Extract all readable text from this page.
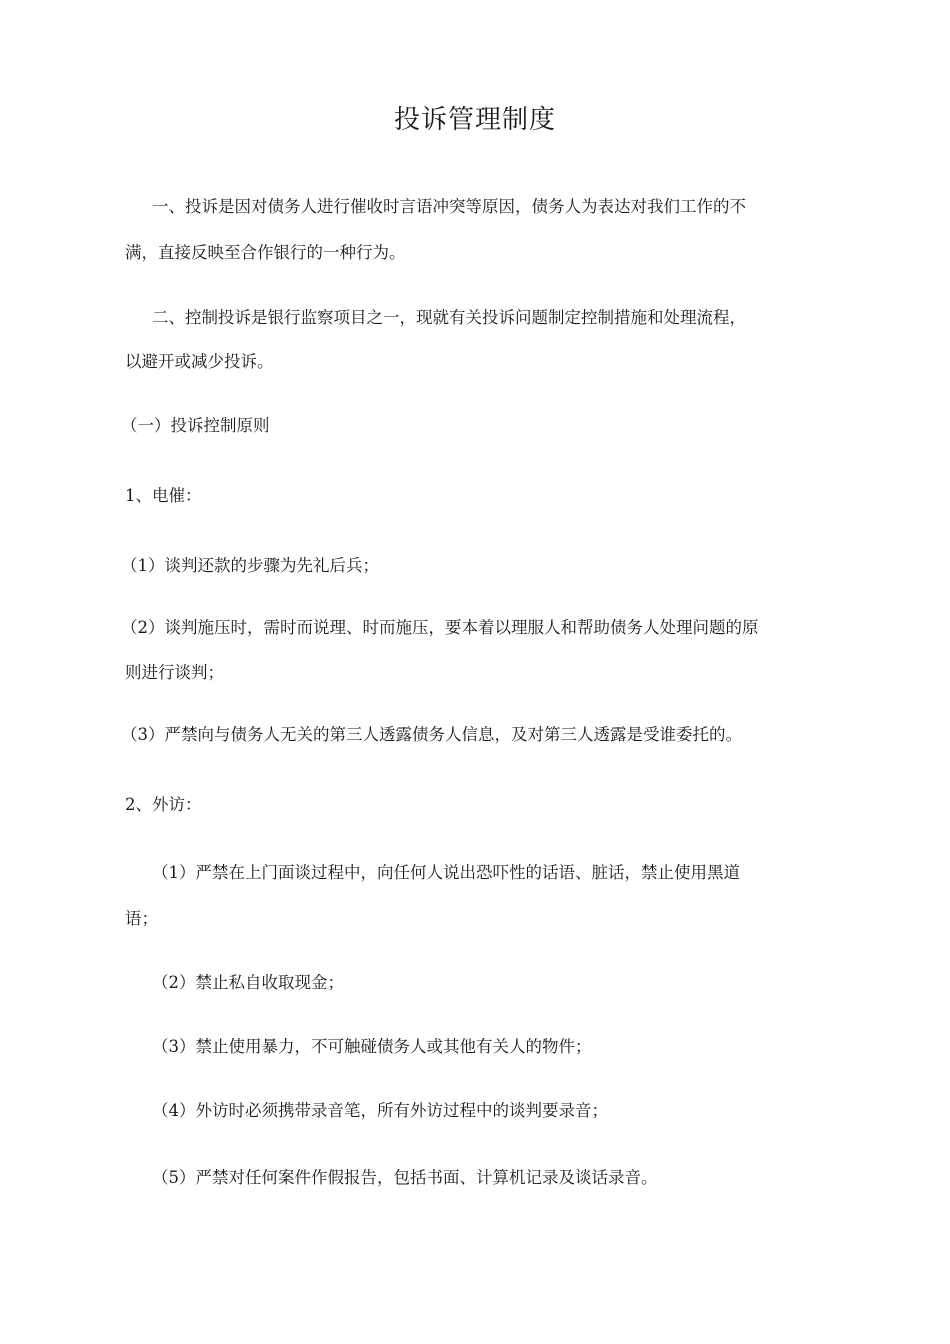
投诉管理制度
一、投诉是因对债务人进行催收时言语冲突等原因，债务人为表达对我们工作的不
满，直接反映至合作银行的一种行为。
二、控制投诉是银行监察项目之一，现就有关投诉问题制定控制措施和处理流程，
以避开或减少投诉。
（一）投诉控制原则
1、电催：
（1）谈判还款的步骤为先礼后兵；
（2）谈判施压时，需时而说理、时而施压，要本着以理服人和帮助债务人处理问题的原
则进行谈判；
（3）严禁向与债务人无关的第三人透露债务人信息，及对第三人透露是受谁委托的。
2、外访：
（1）严禁在上门面谈过程中，向任何人说出恐吓性的话语、脏话，禁止使用黑道
语；
（2）禁止私自收取现金；
（3）禁止使用暴力，不可触碰债务人或其他有关人的物件；
（4）外访时必须携带录音笔，所有外访过程中的谈判要录音；
（5）严禁对任何案件作假报告，包括书面、计算机记录及谈话录音。
